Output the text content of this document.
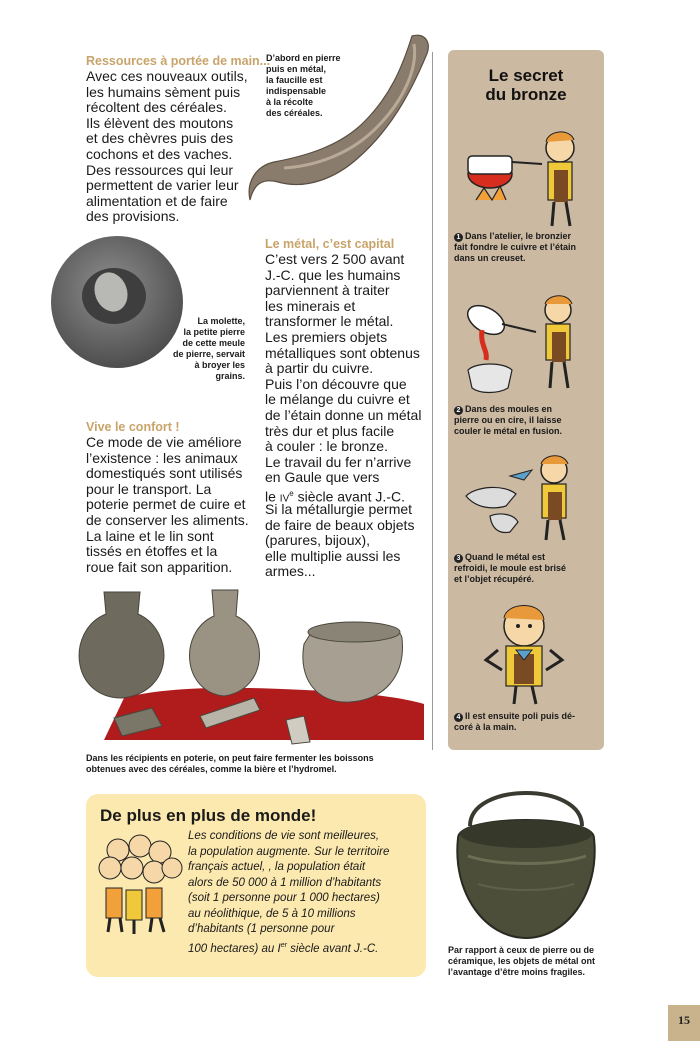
Ressources à portée de main...
Avec ces nouveaux outils,
les humains sèment puis
récoltent des céréales.
Ils élèvent des moutons
et des chèvres puis des
cochons et des vaches.
Des ressources qui leur
permettent de varier leur
alimentation et de faire
des provisions.
D’abord en pierre
puis en métal,
la faucille est
indispensable
à la récolte
des céréales.
La molette,
la petite pierre
de cette meule
de pierre, servait
à broyer les
grains.
Vive le confort !
Ce mode de vie améliore
l’existence : les animaux
domestiqués sont utilisés
pour le transport. La
poterie permet de cuire et
de conserver les aliments.
La laine et le lin sont
tissés en étoffes et la
roue fait son apparition.
Le métal, c’est capital
C’est vers 2 500 avant
J.-C. que les humains
parviennent à traiter
les minerais et
transformer le métal.
Les premiers objets
métalliques sont obtenus
à partir du cuivre.
Puis l’on découvre que
le mélange du cuivre et
de l’étain donne un métal
très dur et plus facile
à couler : le bronze.
Le travail du fer n’arrive
en Gaule que vers
le $iv^e$ siècle avant J.-C.
Si la métallurgie permet
de faire de beaux objets
(parures, bijoux),
elle multiplie aussi les
armes...
Dans les récipients en poterie, on peut faire fermenter les boissons
obtenues avec des céréales, comme la bière et l’hydromel.
Le secret
du bronze
1 Dans l’atelier, le bronzier
fait fondre le cuivre et l’étain
dans un creuset.
2 Dans des moules en
pierre ou en cire, il laisse
couler le métal en fusion.
3 Quand le métal est
refroidi, le moule est brisé
et l’objet récupéré.
4 Il est ensuite poli puis dé-
coré à la main.
De plus en plus de monde!
Les conditions de vie sont meilleures,
la population augmente. Sur le territoire
français actuel, , la population était
alors de 50 000 à 1 million d’habitants
(soit 1 personne pour 1 000 hectares)
au néolithique, de 5 à 10 millions
d’habitants (1 personne pour
100 hectares) au Ier siècle avant J.-C.	Par rapport à ceux de pierre ou de
céramique, les objets de métal ont
l’avantage d’être moins fragiles.
15
